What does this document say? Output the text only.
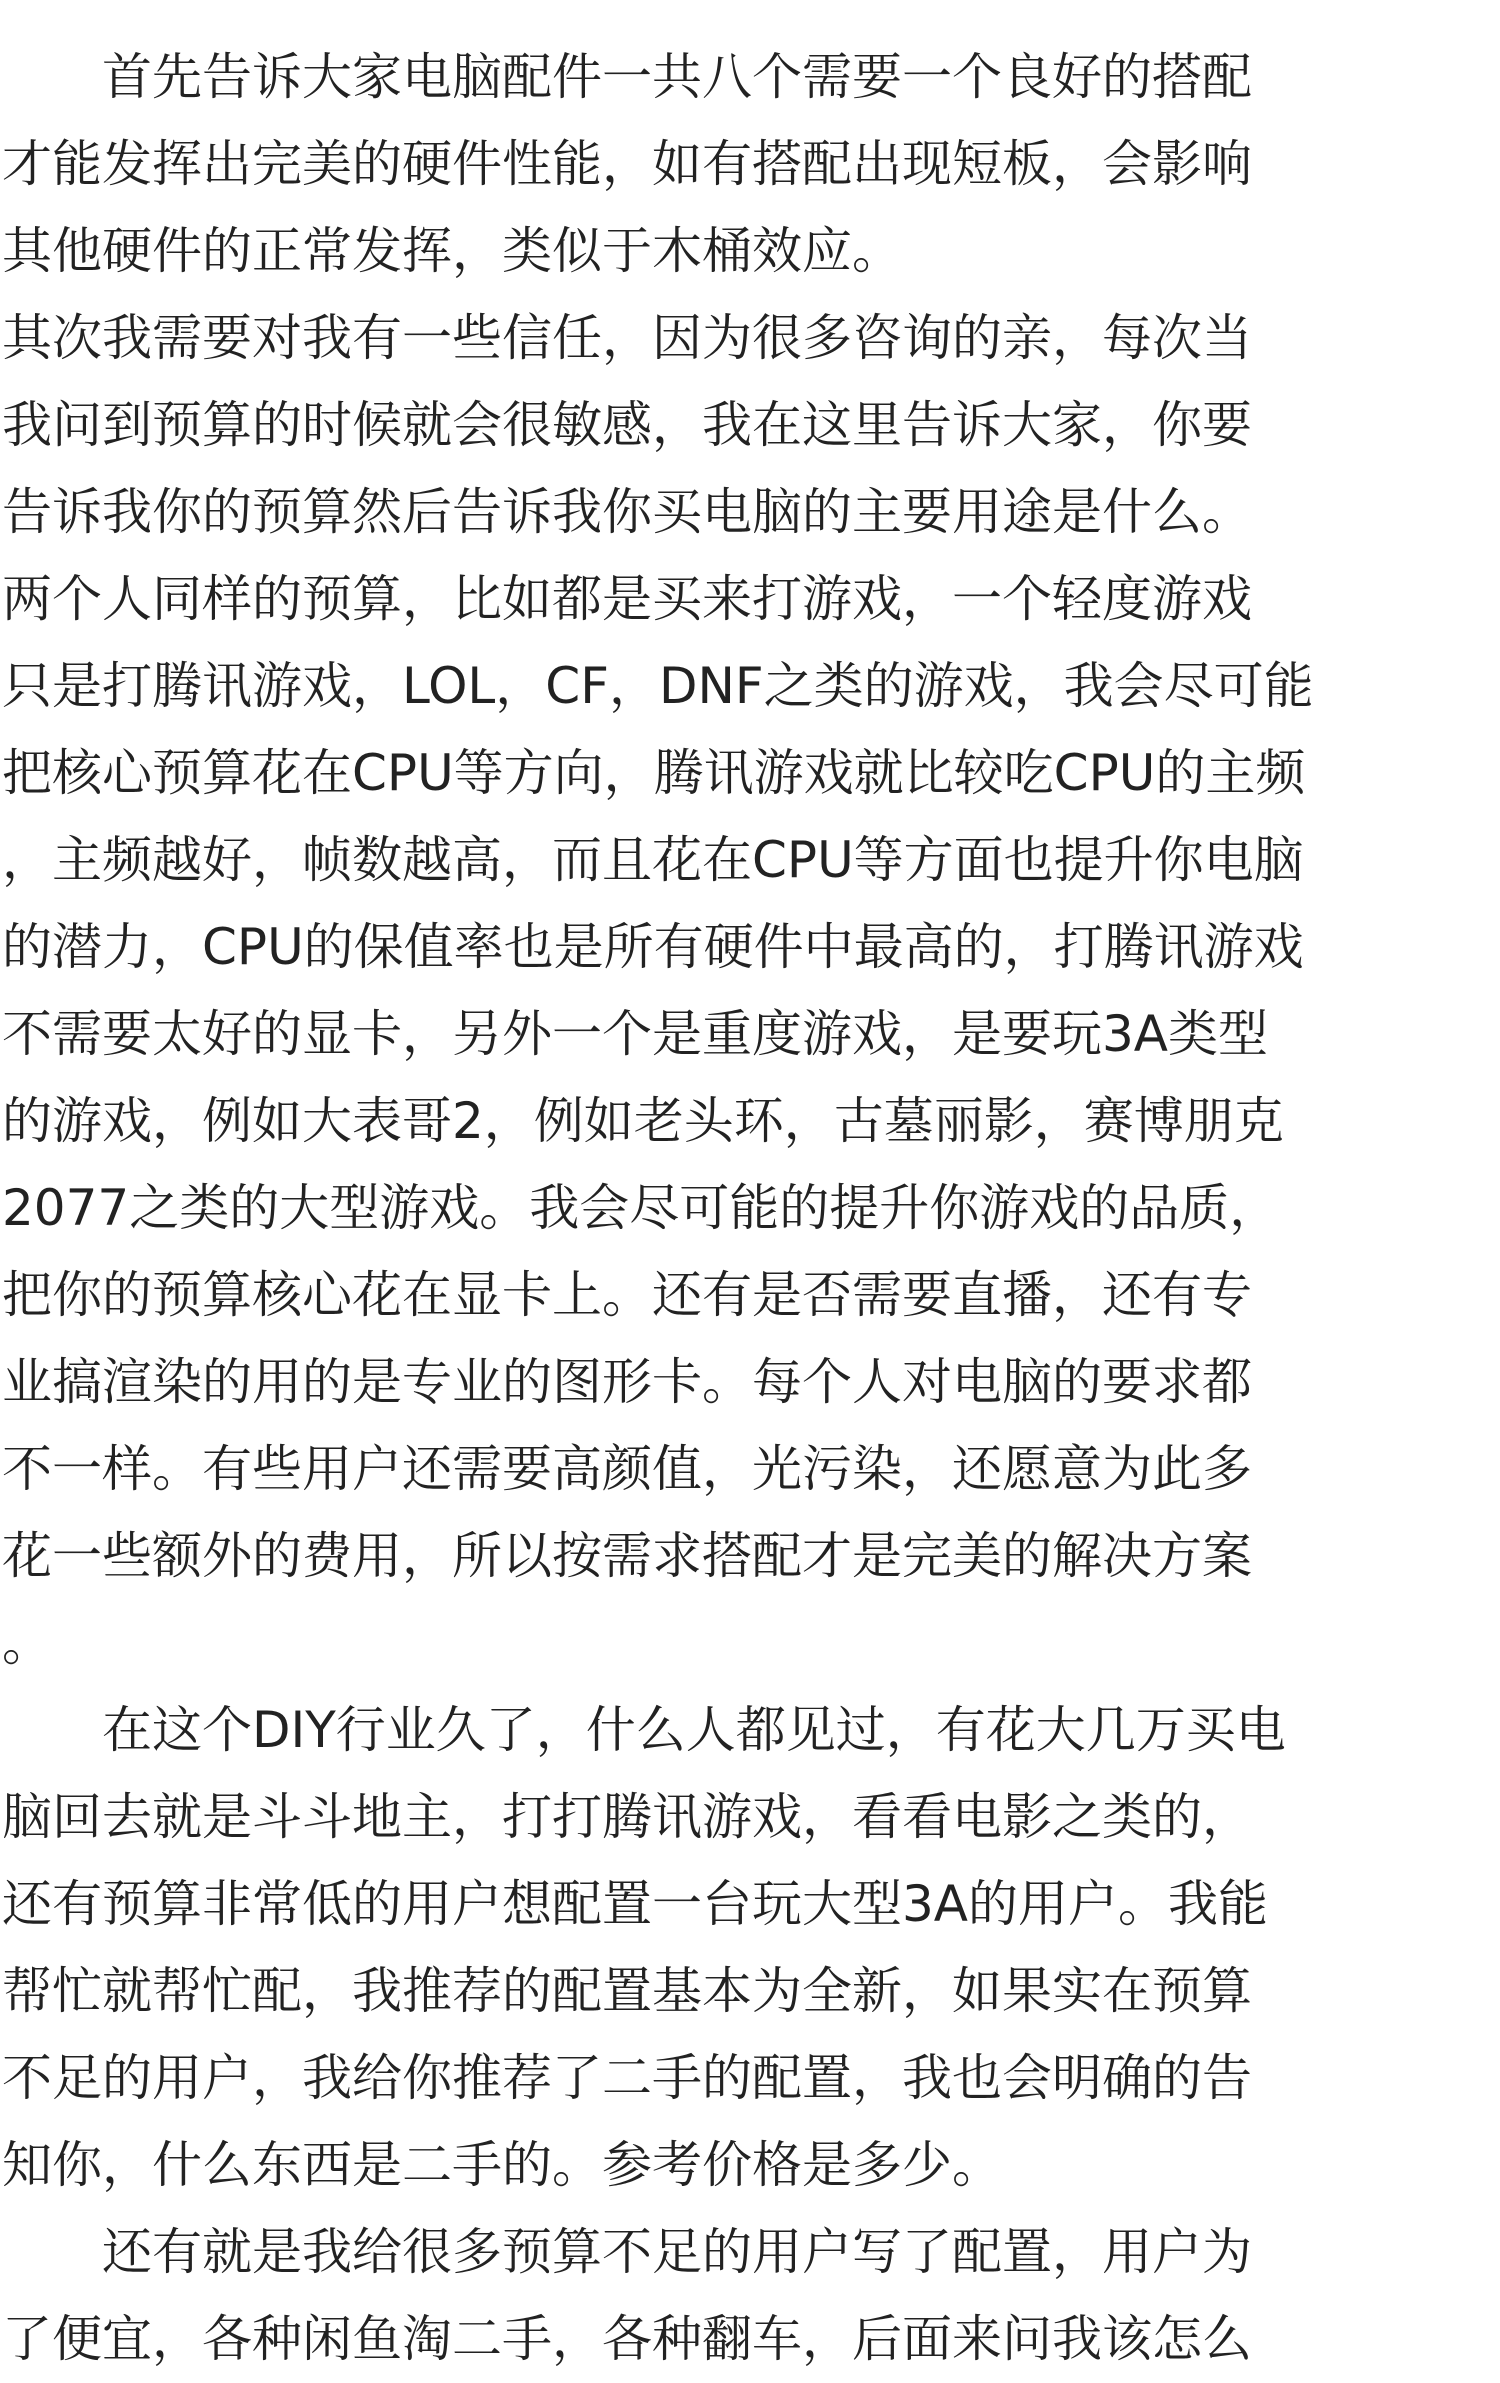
　　首先告诉大家电脑配件一共八个需要一个良好的搭配

才能发挥出完美的硬件性能，如有搭配出现短板，会影响

其他硬件的正常发挥，类似于木桶效应。

其次我需要对我有一些信任，因为很多咨询的亲，每次当

我问到预算的时候就会很敏感，我在这里告诉大家，你要

告诉我你的预算然后告诉我你买电脑的主要用途是什么。

两个人同样的预算，比如都是买来打游戏，一个轻度游戏

只是打腾讯游戏，LOL，CF，DNF之类的游戏，我会尽可能

把核心预算花在CPU等方向，腾讯游戏就比较吃CPU的主频

，主频越好，帧数越高，而且花在CPU等方面也提升你电脑

的潜力，CPU的保值率也是所有硬件中最高的，打腾讯游戏

不需要太好的显卡，另外一个是重度游戏，是要玩3A类型

的游戏，例如大表哥2，例如老头环，古墓丽影，赛博朋克

2077之类的大型游戏。我会尽可能的提升你游戏的品质，

把你的预算核心花在显卡上。还有是否需要直播，还有专

业搞渲染的用的是专业的图形卡。每个人对电脑的要求都

不一样。有些用户还需要高颜值，光污染，还愿意为此多

花一些额外的费用，所以按需求搭配才是完美的解决方案

。

　　在这个DIY行业久了，什么人都见过，有花大几万买电

脑回去就是斗斗地主，打打腾讯游戏，看看电影之类的，

还有预算非常低的用户想配置一台玩大型3A的用户。我能

帮忙就帮忙配，我推荐的配置基本为全新，如果实在预算

不足的用户，我给你推荐了二手的配置，我也会明确的告

知你，什么东西是二手的。参考价格是多少。

　　还有就是我给很多预算不足的用户写了配置，用户为

了便宜，各种闲鱼淘二手，各种翻车，后面来问我该怎么
